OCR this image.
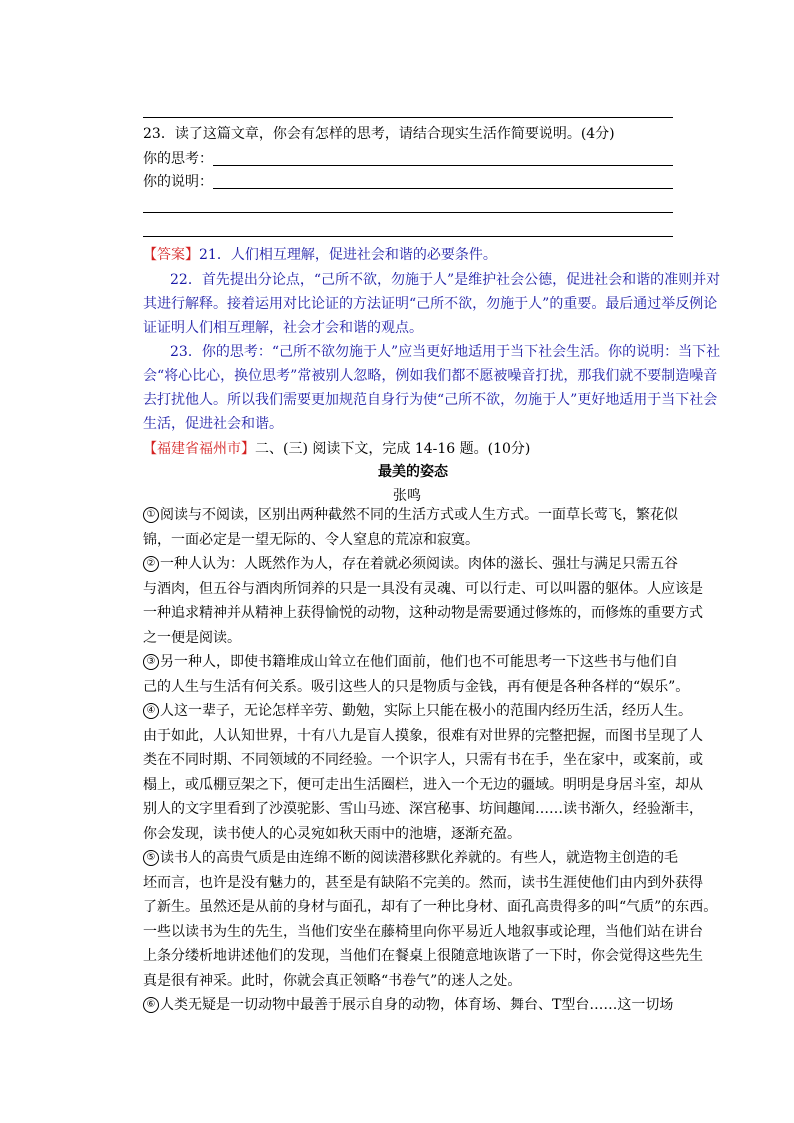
23．读了这篇文章，你会有怎样的思考，请结合现实生活作简要说明。(4分)
你的思考：
你的说明：
【答案】21．人们相互理解，促进社会和谐的必要条件。
22．首先提出分论点，“己所不欲，勿施于人”是维护社会公德，促进社会和谐的准则并对
其进行解释。接着运用对比论证的方法证明“己所不欲，勿施于人”的重要。最后通过举反例论
证证明人们相互理解，社会才会和谐的观点。
23．你的思考：“己所不欲勿施于人”应当更好地适用于当下社会生活。你的说明：当下社
会“将心比心，换位思考”常被别人忽略，例如我们都不愿被噪音打扰，那我们就不要制造噪音
去打扰他人。所以我们需要更加规范自身行为使“己所不欲，勿施于人”更好地适用于当下社会
生活，促进社会和谐。
【福建省福州市】二、(三) 阅读下文，完成 14-16 题。(10分)
最美的姿态
张鸣
① 阅读与不阅读，区别出两种截然不同的生活方式或人生方式。一面草长莺飞，繁花似
锦，一面必定是一望无际的、令人窒息的荒凉和寂寞。
② 一种人认为：人既然作为人，存在着就必须阅读。肉体的滋长、强壮与满足只需五谷
与酒肉，但五谷与酒肉所饲养的只是一具没有灵魂、可以行走、可以叫嚣的躯体。人应该是
一种追求精神并从精神上获得愉悦的动物，这种动物是需要通过修炼的，而修炼的重要方式
之一便是阅读。
③ 另一种人，即使书籍堆成山耸立在他们面前，他们也不可能思考一下这些书与他们自
己的人生与生活有何关系。吸引这些人的只是物质与金钱，再有便是各种各样的“娱乐”。
④ 人这一辈子，无论怎样辛劳、勤勉，实际上只能在极小的范围内经历生活，经历人生。
由于如此，人认知世界，十有八九是盲人摸象，很难有对世界的完整把握，而图书呈现了人
类在不同时期、不同领域的不同经验。一个识字人，只需有书在手，坐在家中，或案前，或
榻上，或瓜棚豆架之下，便可走出生活圈栏，进入一个无边的疆域。明明是身居斗室，却从
别人的文字里看到了沙漠驼影、雪山马迹、深宫秘事、坊间趣闻……读书渐久，经验渐丰，
你会发现，读书使人的心灵宛如秋天雨中的池塘，逐渐充盈。
⑤ 读书人的高贵气质是由连绵不断的阅读潜移默化养就的。有些人，就造物主创造的毛
坯而言，也许是没有魅力的，甚至是有缺陷不完美的。然而，读书生涯使他们由内到外获得
了新生。虽然还是从前的身材与面孔，却有了一种比身材、面孔高贵得多的叫“气质”的东西。
一些以读书为生的先生，当他们安坐在藤椅里向你平易近人地叙事或论理，当他们站在讲台
上条分缕析地讲述他们的发现，当他们在餐桌上很随意地诙谐了一下时，你会觉得这些先生
真是很有神采。此时，你就会真正领略“书卷气”的迷人之处。
⑥ 人类无疑是一切动物中最善于展示自身的动物，体育场、舞台、T型台……这一切场
